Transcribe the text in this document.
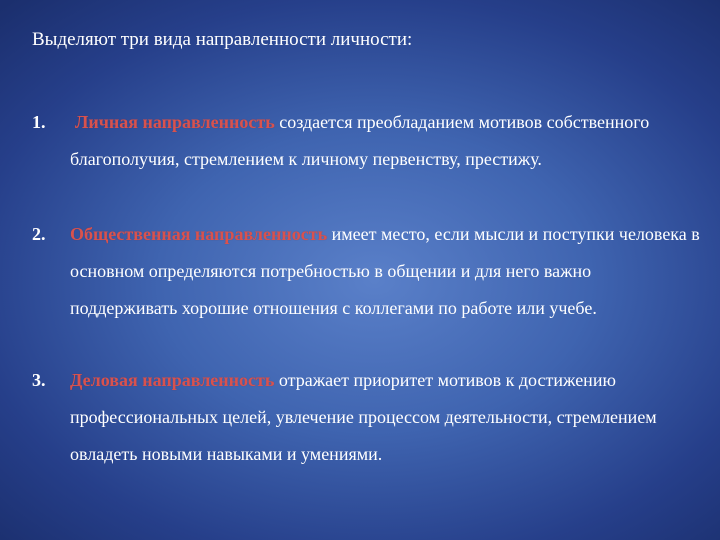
Выделяют три вида направленности личности:
1. Личная направленность создается преобладанием мотивов собственного благополучия, стремлением к личному первенству, престижу.
2. Общественная направленность имеет место, если мысли и поступки человека в основном определяются потребностью в общении и для него важно поддерживать хорошие отношения с коллегами по работе или учебе.
3. Деловая направленность отражает приоритет мотивов к достижению профессиональных целей, увлечение процессом деятельности, стремлением овладеть новыми навыками и умениями.
